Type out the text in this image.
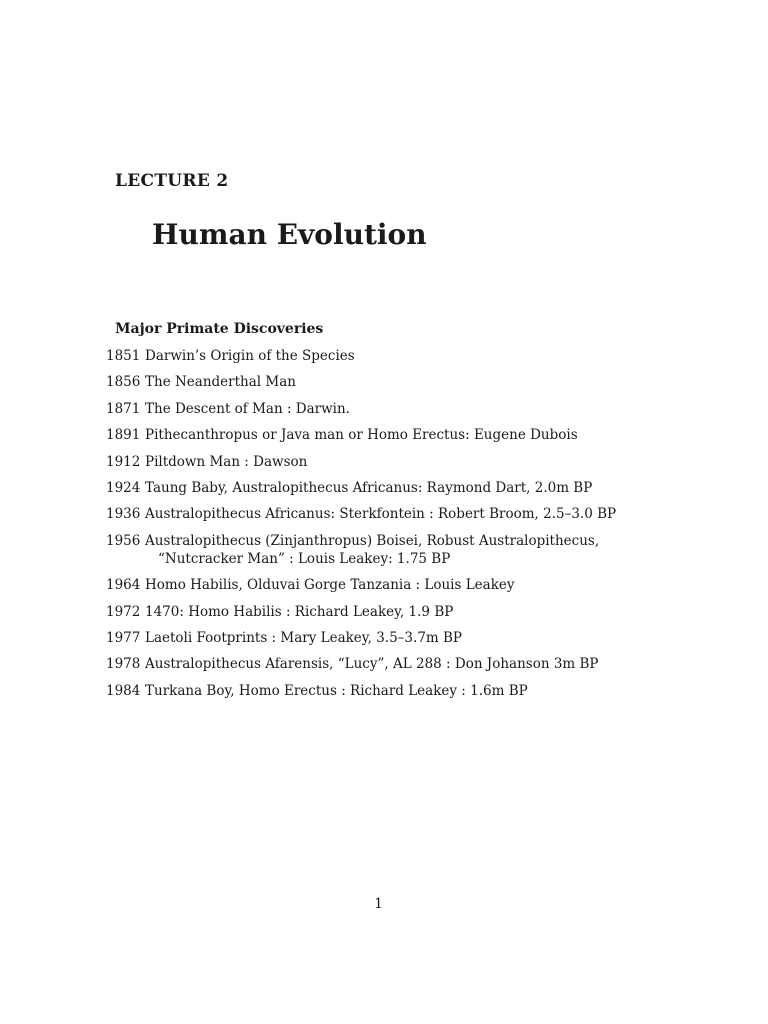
LECTURE 2
Human Evolution
Major Primate Discoveries
1851 Darwin’s Origin of the Species
1856 The Neanderthal Man
1871 The Descent of Man : Darwin.
1891 Pithecanthropus or Java man or Homo Erectus: Eugene Dubois
1912 Piltdown Man : Dawson
1924 Taung Baby, Australopithecus Africanus: Raymond Dart, 2.0m BP
1936 Australopithecus Africanus: Sterkfontein : Robert Broom, 2.5–3.0 BP
1956 Australopithecus (Zinjanthropus) Boisei, Robust Australopithecus,
“Nutcracker Man” : Louis Leakey: 1.75 BP
1964 Homo Habilis, Olduvai Gorge Tanzania : Louis Leakey
1972 1470: Homo Habilis : Richard Leakey, 1.9 BP
1977 Laetoli Footprints : Mary Leakey, 3.5–3.7m BP
1978 Australopithecus Afarensis, “Lucy”, AL 288 : Don Johanson 3m BP
1984 Turkana Boy, Homo Erectus : Richard Leakey : 1.6m BP
1
